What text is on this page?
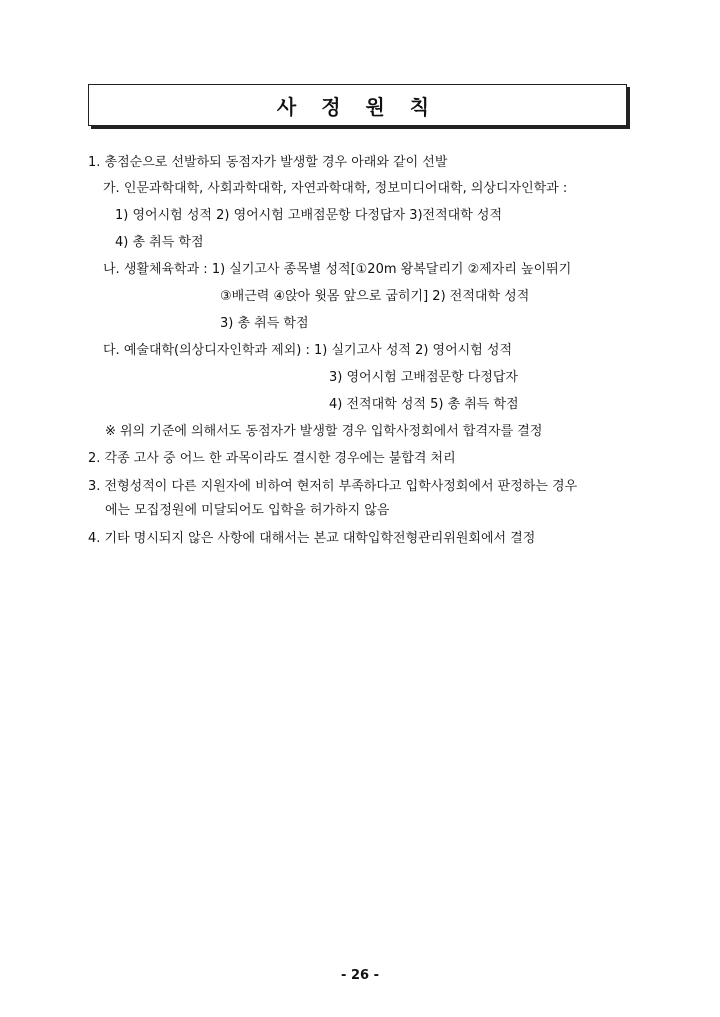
사 정 원 칙
1. 총점순으로 선발하되 동점자가 발생할 경우 아래와 같이 선발
가. 인문과학대학, 사회과학대학, 자연과학대학, 정보미디어대학, 의상디자인학과 :
1) 영어시험 성적 2) 영어시험 고배점문항 다정답자 3)전적대학 성적
4) 총 취득 학점
나. 생활체육학과 : 1) 실기고사 종목별 성적[①20m 왕복달리기 ②제자리 높이뛰기
③배근력 ④앉아 윗몸 앞으로 굽히기] 2) 전적대학 성적
3) 총 취득 학점
다. 예술대학(의상디자인학과 제외) : 1) 실기고사 성적 2) 영어시험 성적
3) 영어시험 고배점문항 다정답자
4) 전적대학 성적 5) 총 취득 학점
※ 위의 기준에 의해서도 동점자가 발생할 경우 입학사정회에서 합격자를 결정
2. 각종 고사 중 어느 한 과목이라도 결시한 경우에는 불합격 처리
3. 전형성적이 다른 지원자에 비하여 현저히 부족하다고 입학사정회에서 판정하는 경우
에는 모집정원에 미달되어도 입학을 허가하지 않음
4. 기타 명시되지 않은 사항에 대해서는 본교 대학입학전형관리위원회에서 결정
- 26 -
